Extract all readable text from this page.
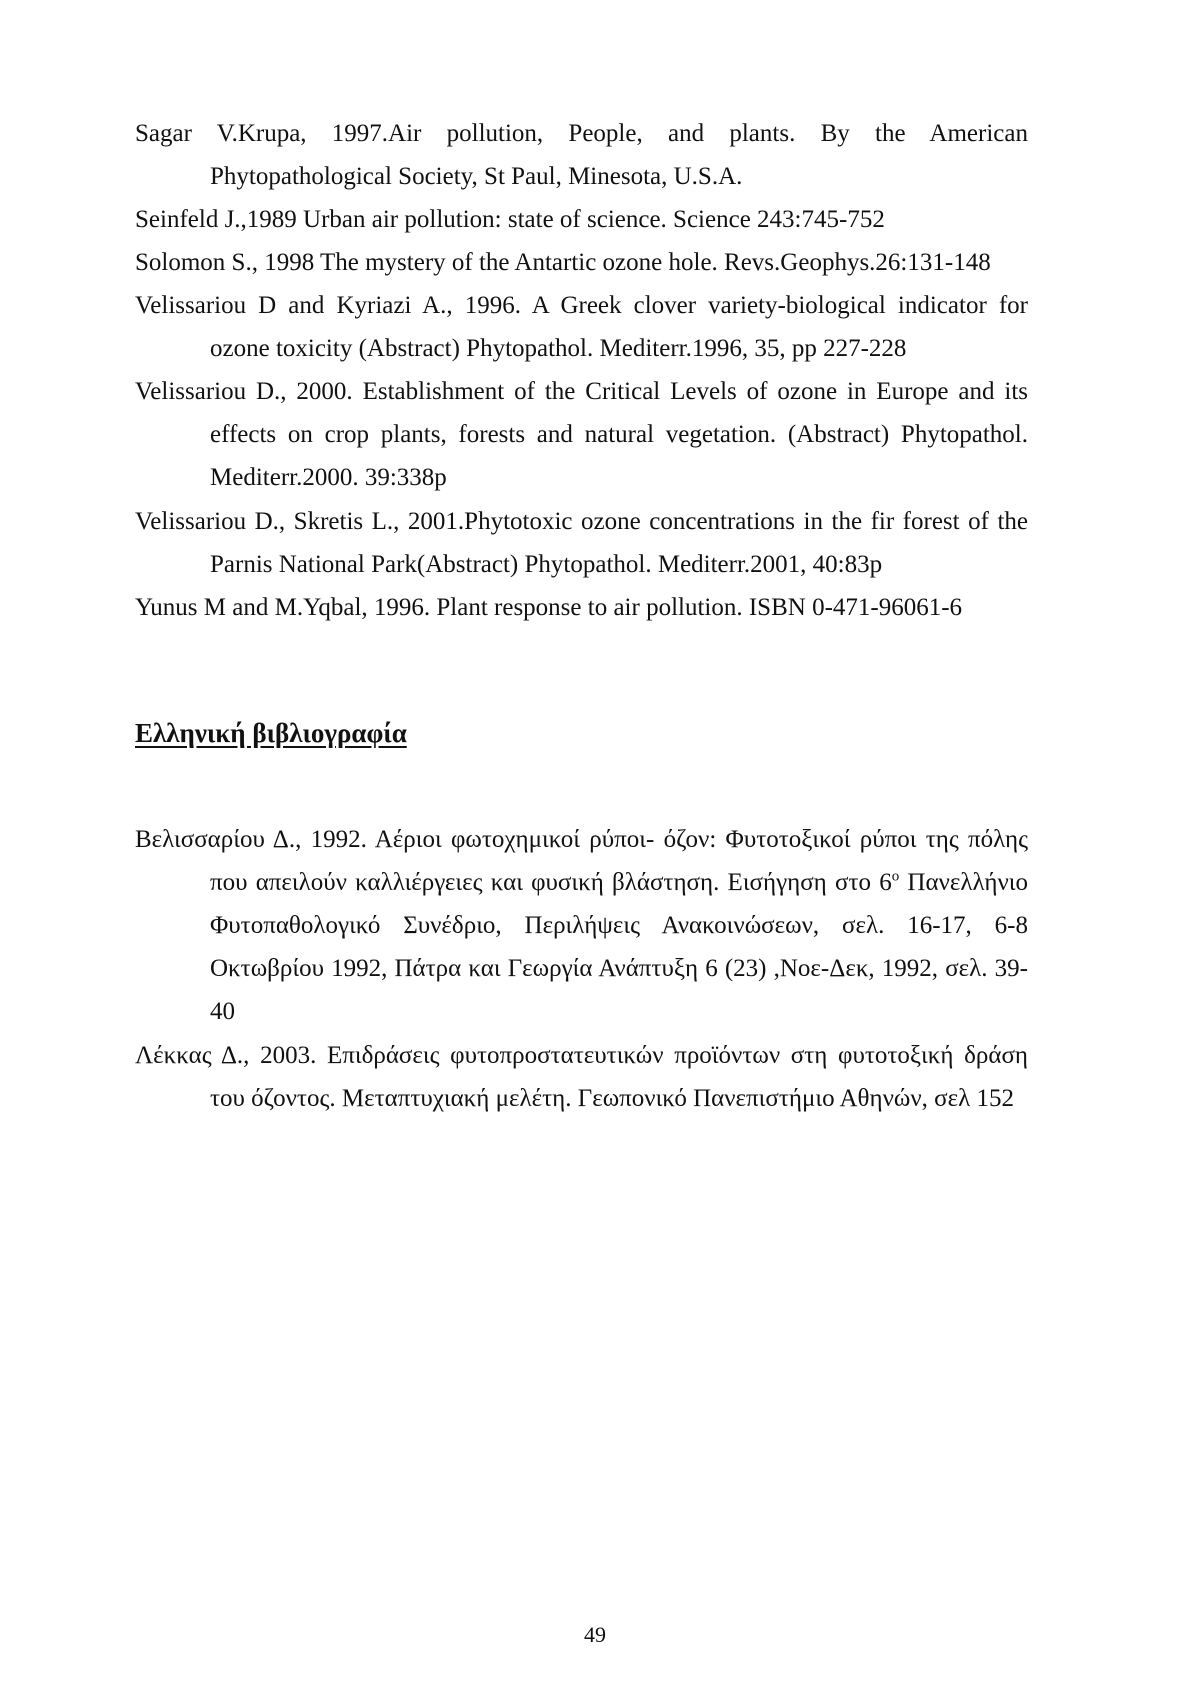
Sagar V.Krupa, 1997.Air pollution, People, and plants. By the American Phytopathological Society, St Paul, Minesota, U.S.A.

Seinfeld J.,1989 Urban air pollution: state of science. Science 243:745-752

Solomon S., 1998 The mystery of the Antartic ozone hole. Revs.Geophys.26:131-148

Velissariou D and Kyriazi A., 1996. A Greek clover variety-biological indicator for ozone toxicity (Abstract) Phytopathol. Mediterr.1996, 35, pp 227-228

Velissariou D., 2000. Establishment of the Critical Levels of ozone in Europe and its effects on crop plants, forests and natural vegetation. (Abstract) Phytopathol. Mediterr.2000. 39:338p

Velissariou D., Skretis L., 2001.Phytotoxic ozone concentrations in the fir forest of the Parnis National Park(Abstract) Phytopathol. Mediterr.2001, 40:83p

Yunus M and M.Yqbal, 1996. Plant response to air pollution. ISBN 0-471-96061-6

Ελληνική βιβλιογραφία

Βελισσαρίου Δ., 1992. Αέριοι φωτοχημικοί ρύποι- όζον: Φυτοτοξικοί ρύποι της πόλης που απειλούν καλλιέργειες και φυσική βλάστηση. Εισήγηση στο $6^o$ Πανελλήνιο Φυτοπαθολογικό Συνέδριο, Περιλήψεις Ανακοινώσεων, σελ. 16-17, 6-8 Οκτωβρίου 1992, Πάτρα και Γεωργία Ανάπτυξη 6 (23) ,Νοε-Δεκ, 1992, σελ. 39-40

Λέκκας Δ., 2003. Επιδράσεις φυτοπροστατευτικών προϊόντων στη φυτοτοξική δράση του όζοντος. Μεταπτυχιακή μελέτη. Γεωπονικό Πανεπιστήμιο Αθηνών, σελ 152

49
